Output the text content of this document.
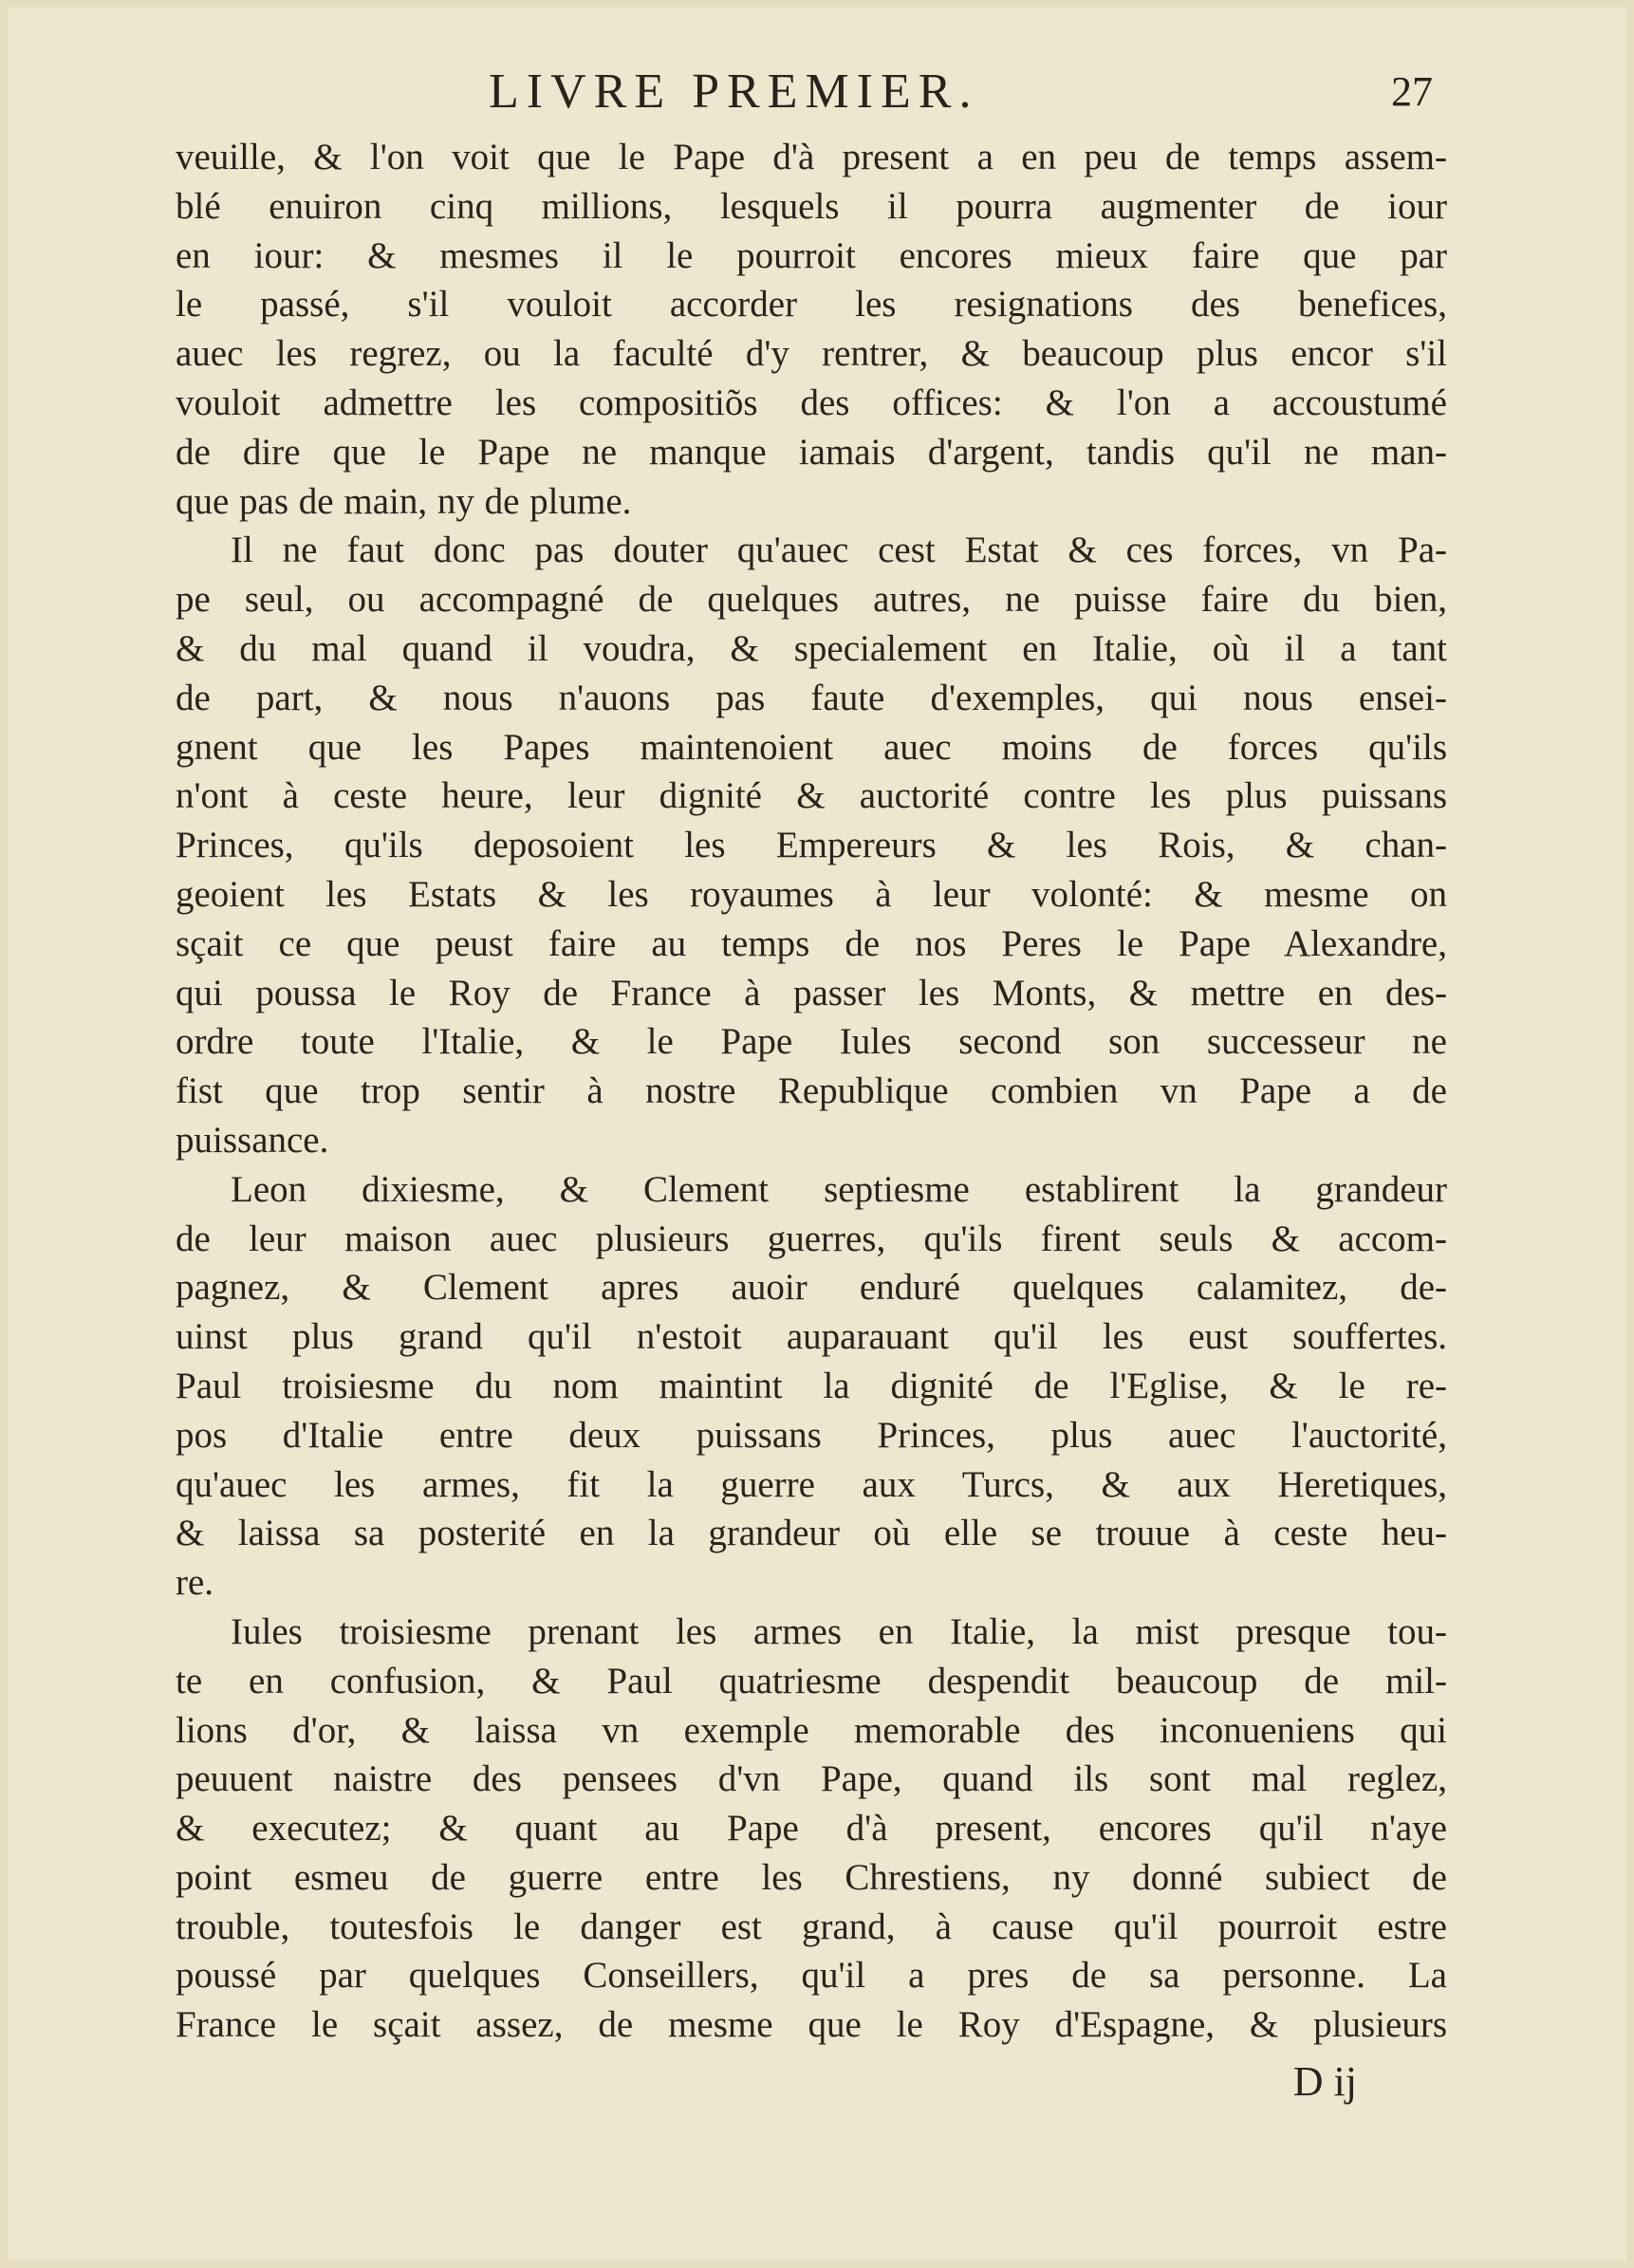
LIVRE PREMIER.	27

veuille, & l'on voit que le Pape d'à present a en peu de temps assem-
blé enuiron cinq millions, lesquels il pourra augmenter de iour
en iour: & mesmes il le pourroit encores mieux faire que par
le passé, s'il vouloit accorder les resignations des benefices,
auec les regrez, ou la faculté d'y rentrer, & beaucoup plus encor s'il
vouloit admettre les compositiõs des offices: & l'on a accoustumé
de dire que le Pape ne manque iamais d'argent, tandis qu'il ne man-
que pas de main, ny de plume.

Il ne faut donc pas douter qu'auec cest Estat & ces forces, vn Pa-
pe seul, ou accompagné de quelques autres, ne puisse faire du bien,
& du mal quand il voudra, & specialement en Italie, où il a tant
de part, & nous n'auons pas faute d'exemples, qui nous ensei-
gnent que les Papes maintenoient auec moins de forces qu'ils
n'ont à ceste heure, leur dignité & auctorité contre les plus puissans
Princes, qu'ils deposoient les Empereurs & les Rois, & chan-
geoient les Estats & les royaumes à leur volonté: & mesme on
sçait ce que peust faire au temps de nos Peres le Pape Alexandre,
qui poussa le Roy de France à passer les Monts, & mettre en des-
ordre toute l'Italie, & le Pape Iules second son successeur ne
fist que trop sentir à nostre Republique combien vn Pape a de
puissance.

Leon dixiesme, & Clement septiesme establirent la grandeur
de leur maison auec plusieurs guerres, qu'ils firent seuls & accom-
pagnez, & Clement apres auoir enduré quelques calamitez, de-
uinst plus grand qu'il n'estoit auparauant qu'il les eust souffertes.
Paul troisiesme du nom maintint la dignité de l'Eglise, & le re-
pos d'Italie entre deux puissans Princes, plus auec l'auctorité,
qu'auec les armes, fit la guerre aux Turcs, & aux Heretiques,
& laissa sa posterité en la grandeur où elle se trouue à ceste heu-
re.

Iules troisiesme prenant les armes en Italie, la mist presque tou-
te en confusion, & Paul quatriesme despendit beaucoup de mil-
lions d'or, & laissa vn exemple memorable des inconueniens qui
peuuent naistre des pensees d'vn Pape, quand ils sont mal reglez,
& executez; & quant au Pape d'à present, encores qu'il n'aye
point esmeu de guerre entre les Chrestiens, ny donné subiect de
trouble, toutesfois le danger est grand, à cause qu'il pourroit estre
poussé par quelques Conseillers, qu'il a pres de sa personne. La
France le sçait assez, de mesme que le Roy d'Espagne, & plusieurs

D ij
